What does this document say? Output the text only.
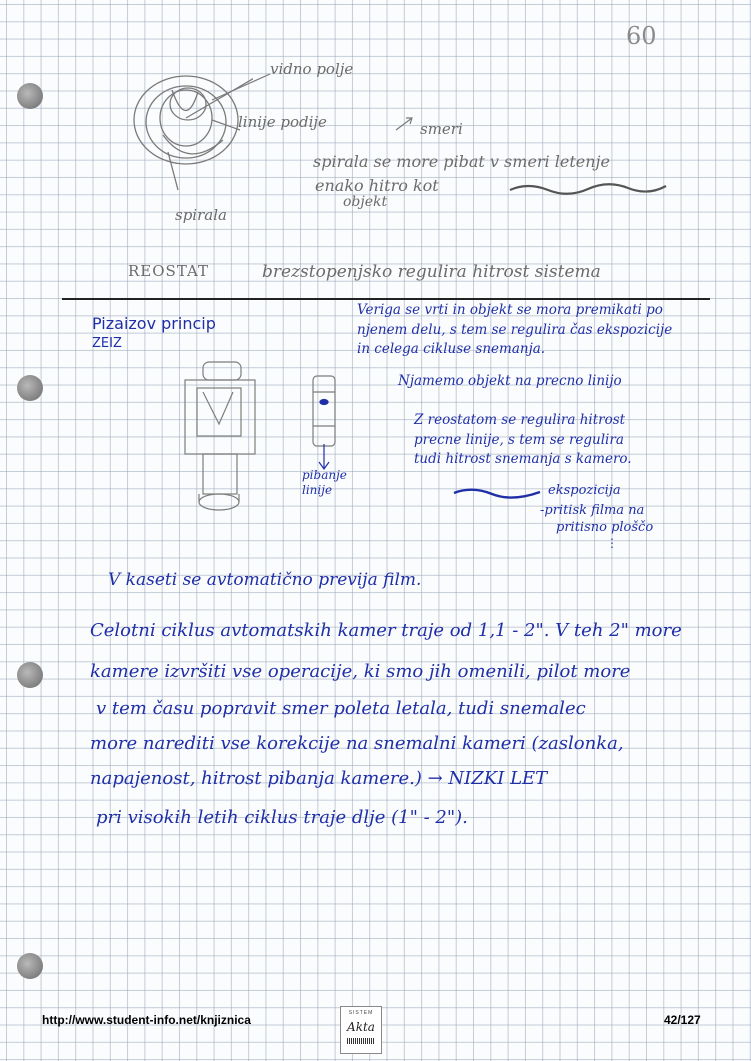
60
vidno polje
linije podije	smeri
spirala
spirala se more pibat v smeri letenje
enako hitro kot
objekt
REOSTAT	brezstopenjsko regulira hitrost sistema
Pizaizov princip
ZEIZ
pibanje linije
Veriga se vrti in objekt se mora premikati po
njenem delu, s tem se regulira čas ekspozicije
in celega cikluse snemanja.
Njamemo objekt na precno linijo
Z reostatom se regulira hitrost
precne linije, s tem se regulira
tudi hitrost snemanja s kamero.
ekspozicija
-pritisk filma na
pritisno ploščo
⋮
V kaseti se avtomatično previja film.
Celotni ciklus avtomatskih kamer traje od 1,1 - 2". V teh 2" more
kamere izvršiti vse operacije, ki smo jih omenili, pilot more
v tem času popravit smer poleta letala, tudi snemalec
more narediti vse korekcije na snemalni kameri (zaslonka,
napajenost, hitrost pibanja kamere.) → NIZKI LET
pri visokih letih ciklus traje dlje (1" - 2").
http://www.student-info.net/knjiznica	SISTEM
Akta	42/127
